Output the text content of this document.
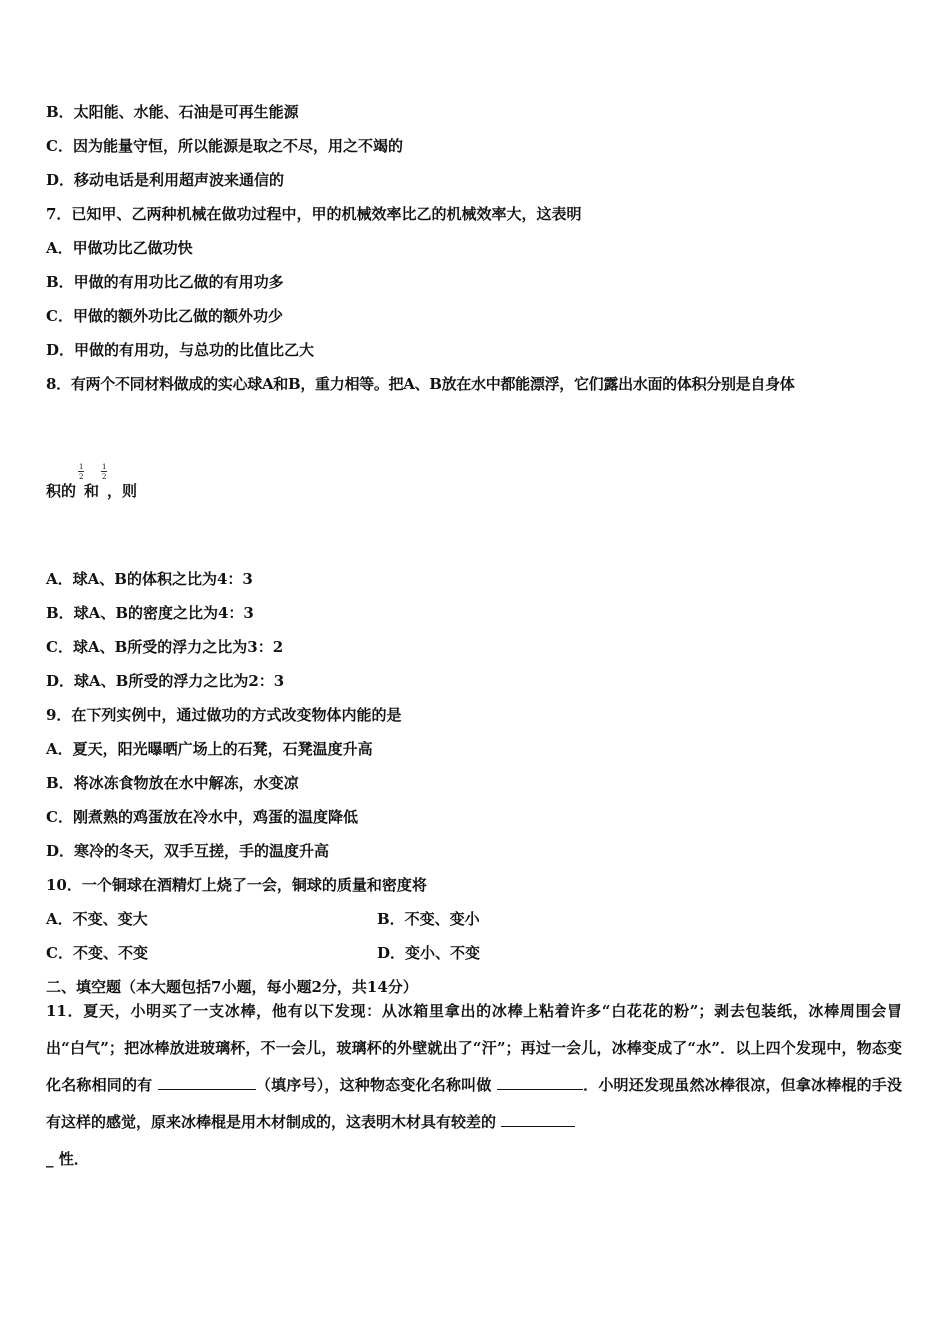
B．太阳能、水能、石油是可再生能源
C．因为能量守恒，所以能源是取之不尽，用之不竭的
D．移动电话是利用超声波来通信的
7．已知甲、乙两种机械在做功过程中，甲的机械效率比乙的机械效率大，这表明
A．甲做功比乙做功快
B．甲做的有用功比乙做的有用功多
C．甲做的额外功比乙做的额外功少
D．甲做的有用功，与总功的比值比乙大
8．有两个不同材料做成的实心球A和B，重力相等。把A、B放在水中都能漂浮，它们露出水面的体积分别是自身体
积的 $\frac{1}{2}$
和 $\frac{1}{2}$
，则
A．球A、B的体积之比为4：3
B．球A、B的密度之比为4：3
C．球A、B所受的浮力之比为3：2
D．球A、B所受的浮力之比为2：3
9．在下列实例中，通过做功的方式改变物体内能的是
A．夏天，阳光曝晒广场上的石凳，石凳温度升高
B．将冰冻食物放在水中解冻，水变凉
C．刚煮熟的鸡蛋放在冷水中，鸡蛋的温度降低
D．寒冷的冬天，双手互搓，手的温度升高
10．一个铜球在酒精灯上烧了一会，铜球的质量和密度将
A．不变、变大	B．不变、变小
C．不变、不变	D．变小、不变
二、填空题（本大题包括7小题，每小题2分，共14分）
11．夏天，小明买了一支冰棒，他有以下发现：从冰箱里拿出的冰棒上粘着许多“白花花的粉”；剥去包装纸，冰棒周围会冒出“白气”；把冰棒放进玻璃杯，不一会儿，玻璃杯的外壁就出了“汗”；再过一会儿，冰棒变成了“水”．以上四个发现中，物态变化名称相同的有	（填序号），这种物态变化名称叫做	．小明还发现虽然冰棒很凉，但拿冰棒棍的手没有这样的感觉，原来冰棒棍是用木材制成的，这表明木材具有较差的
_ 性．
